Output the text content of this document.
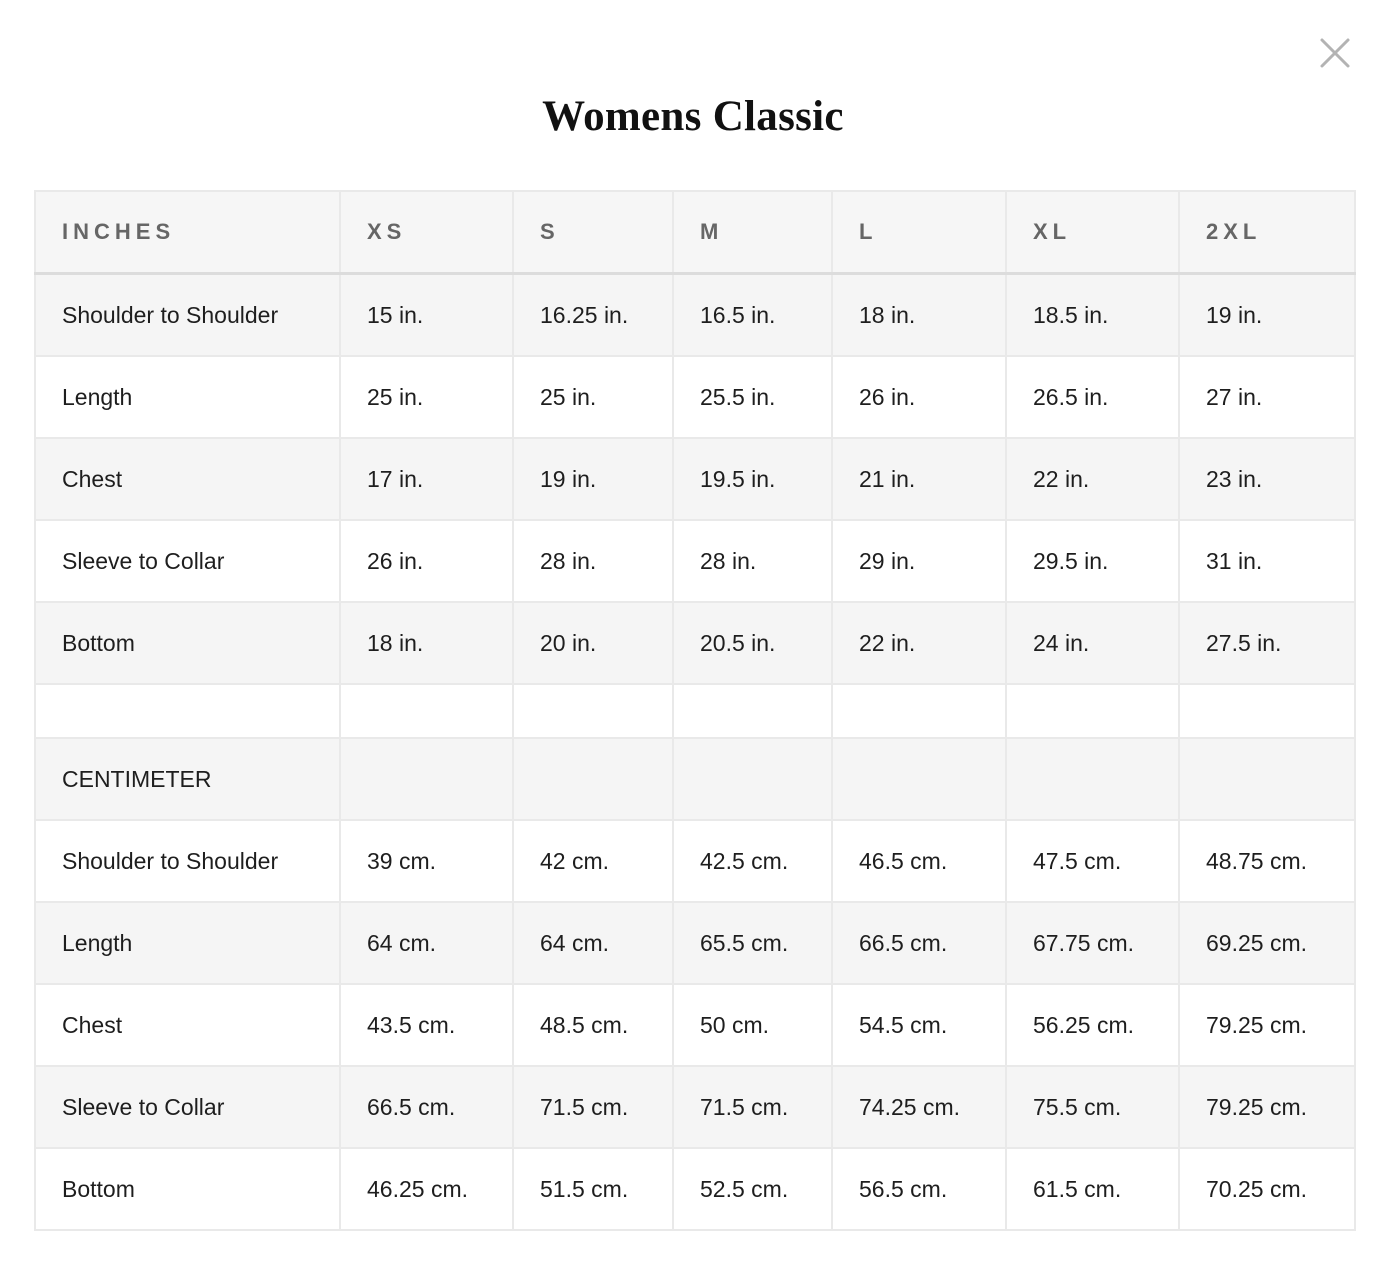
Womens Classic
INCHES	XS	S	M	L	XL	2XL
Shoulder to Shoulder	15 in.	16.25 in.	16.5 in.	18 in.	18.5 in.	19 in.
Length	25 in.	25 in.	25.5 in.	26 in.	26.5 in.	27 in.
Chest	17 in.	19 in.	19.5 in.	21 in.	22 in.	23 in.
Sleeve to Collar	26 in.	28 in.	28 in.	29 in.	29.5 in.	31 in.
Bottom	18 in.	20 in.	20.5 in.	22 in.	24 in.	27.5 in.

CENTIMETER						
Shoulder to Shoulder	39 cm.	42 cm.	42.5 cm.	46.5 cm.	47.5 cm.	48.75 cm.
Length	64 cm.	64 cm.	65.5 cm.	66.5 cm.	67.75 cm.	69.25 cm.
Chest	43.5 cm.	48.5 cm.	50 cm.	54.5 cm.	56.25 cm.	79.25 cm.
Sleeve to Collar	66.5 cm.	71.5 cm.	71.5 cm.	74.25 cm.	75.5 cm.	79.25 cm.
Bottom	46.25 cm.	51.5 cm.	52.5 cm.	56.5 cm.	61.5 cm.	70.25 cm.
